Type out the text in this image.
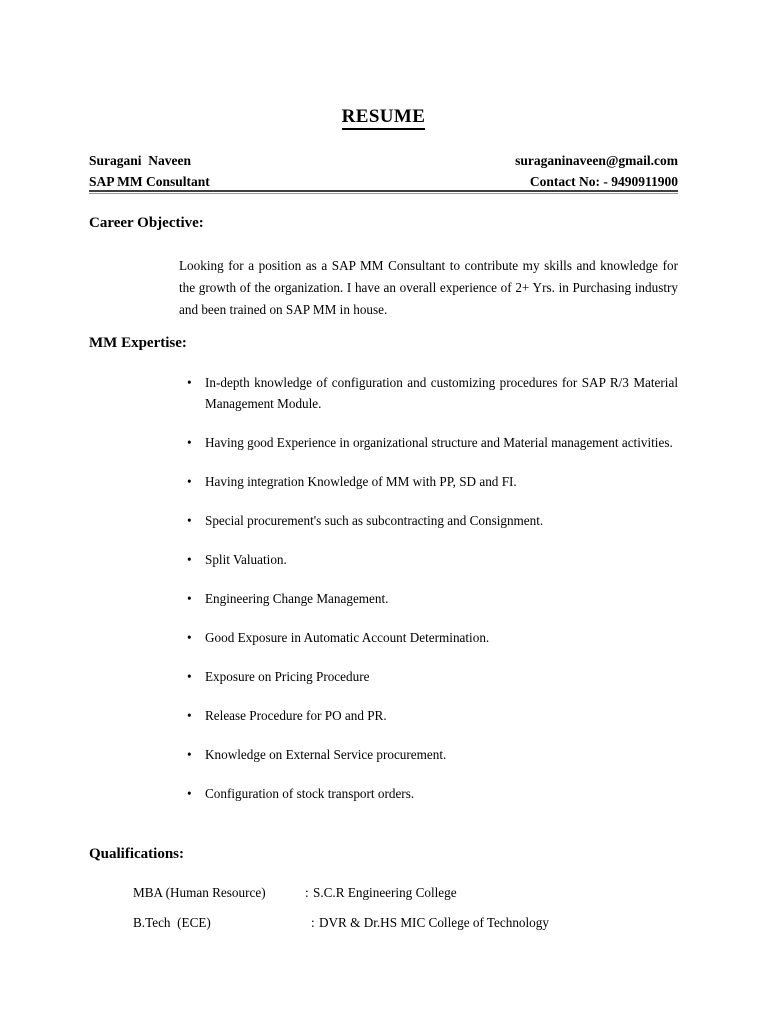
RESUME
Suragani  Naveen	suraganinaveen@gmail.com
SAP MM Consultant	Contact No: - 9490911900
Career Objective:
Looking for a position as a SAP MM Consultant to contribute my skills and knowledge for the growth of the organization. I have an overall experience of 2+ Yrs. in Purchasing industry and been trained on SAP MM in house.
MM Expertise:
• In-depth knowledge of configuration and customizing procedures for SAP R/3 Material Management Module.
• Having good Experience in organizational structure and Material management activities.
• Having integration Knowledge of MM with PP, SD and FI.
• Special procurement's such as subcontracting and Consignment.
• Split Valuation.
• Engineering Change Management.
• Good Exposure in Automatic Account Determination.
• Exposure on Pricing Procedure
• Release Procedure for PO and PR.
• Knowledge on External Service procurement.
• Configuration of stock transport orders.
Qualifications:
MBA (Human Resource)	: S.C.R Engineering College
B.Tech  (ECE)	: DVR & Dr.HS MIC College of Technology
